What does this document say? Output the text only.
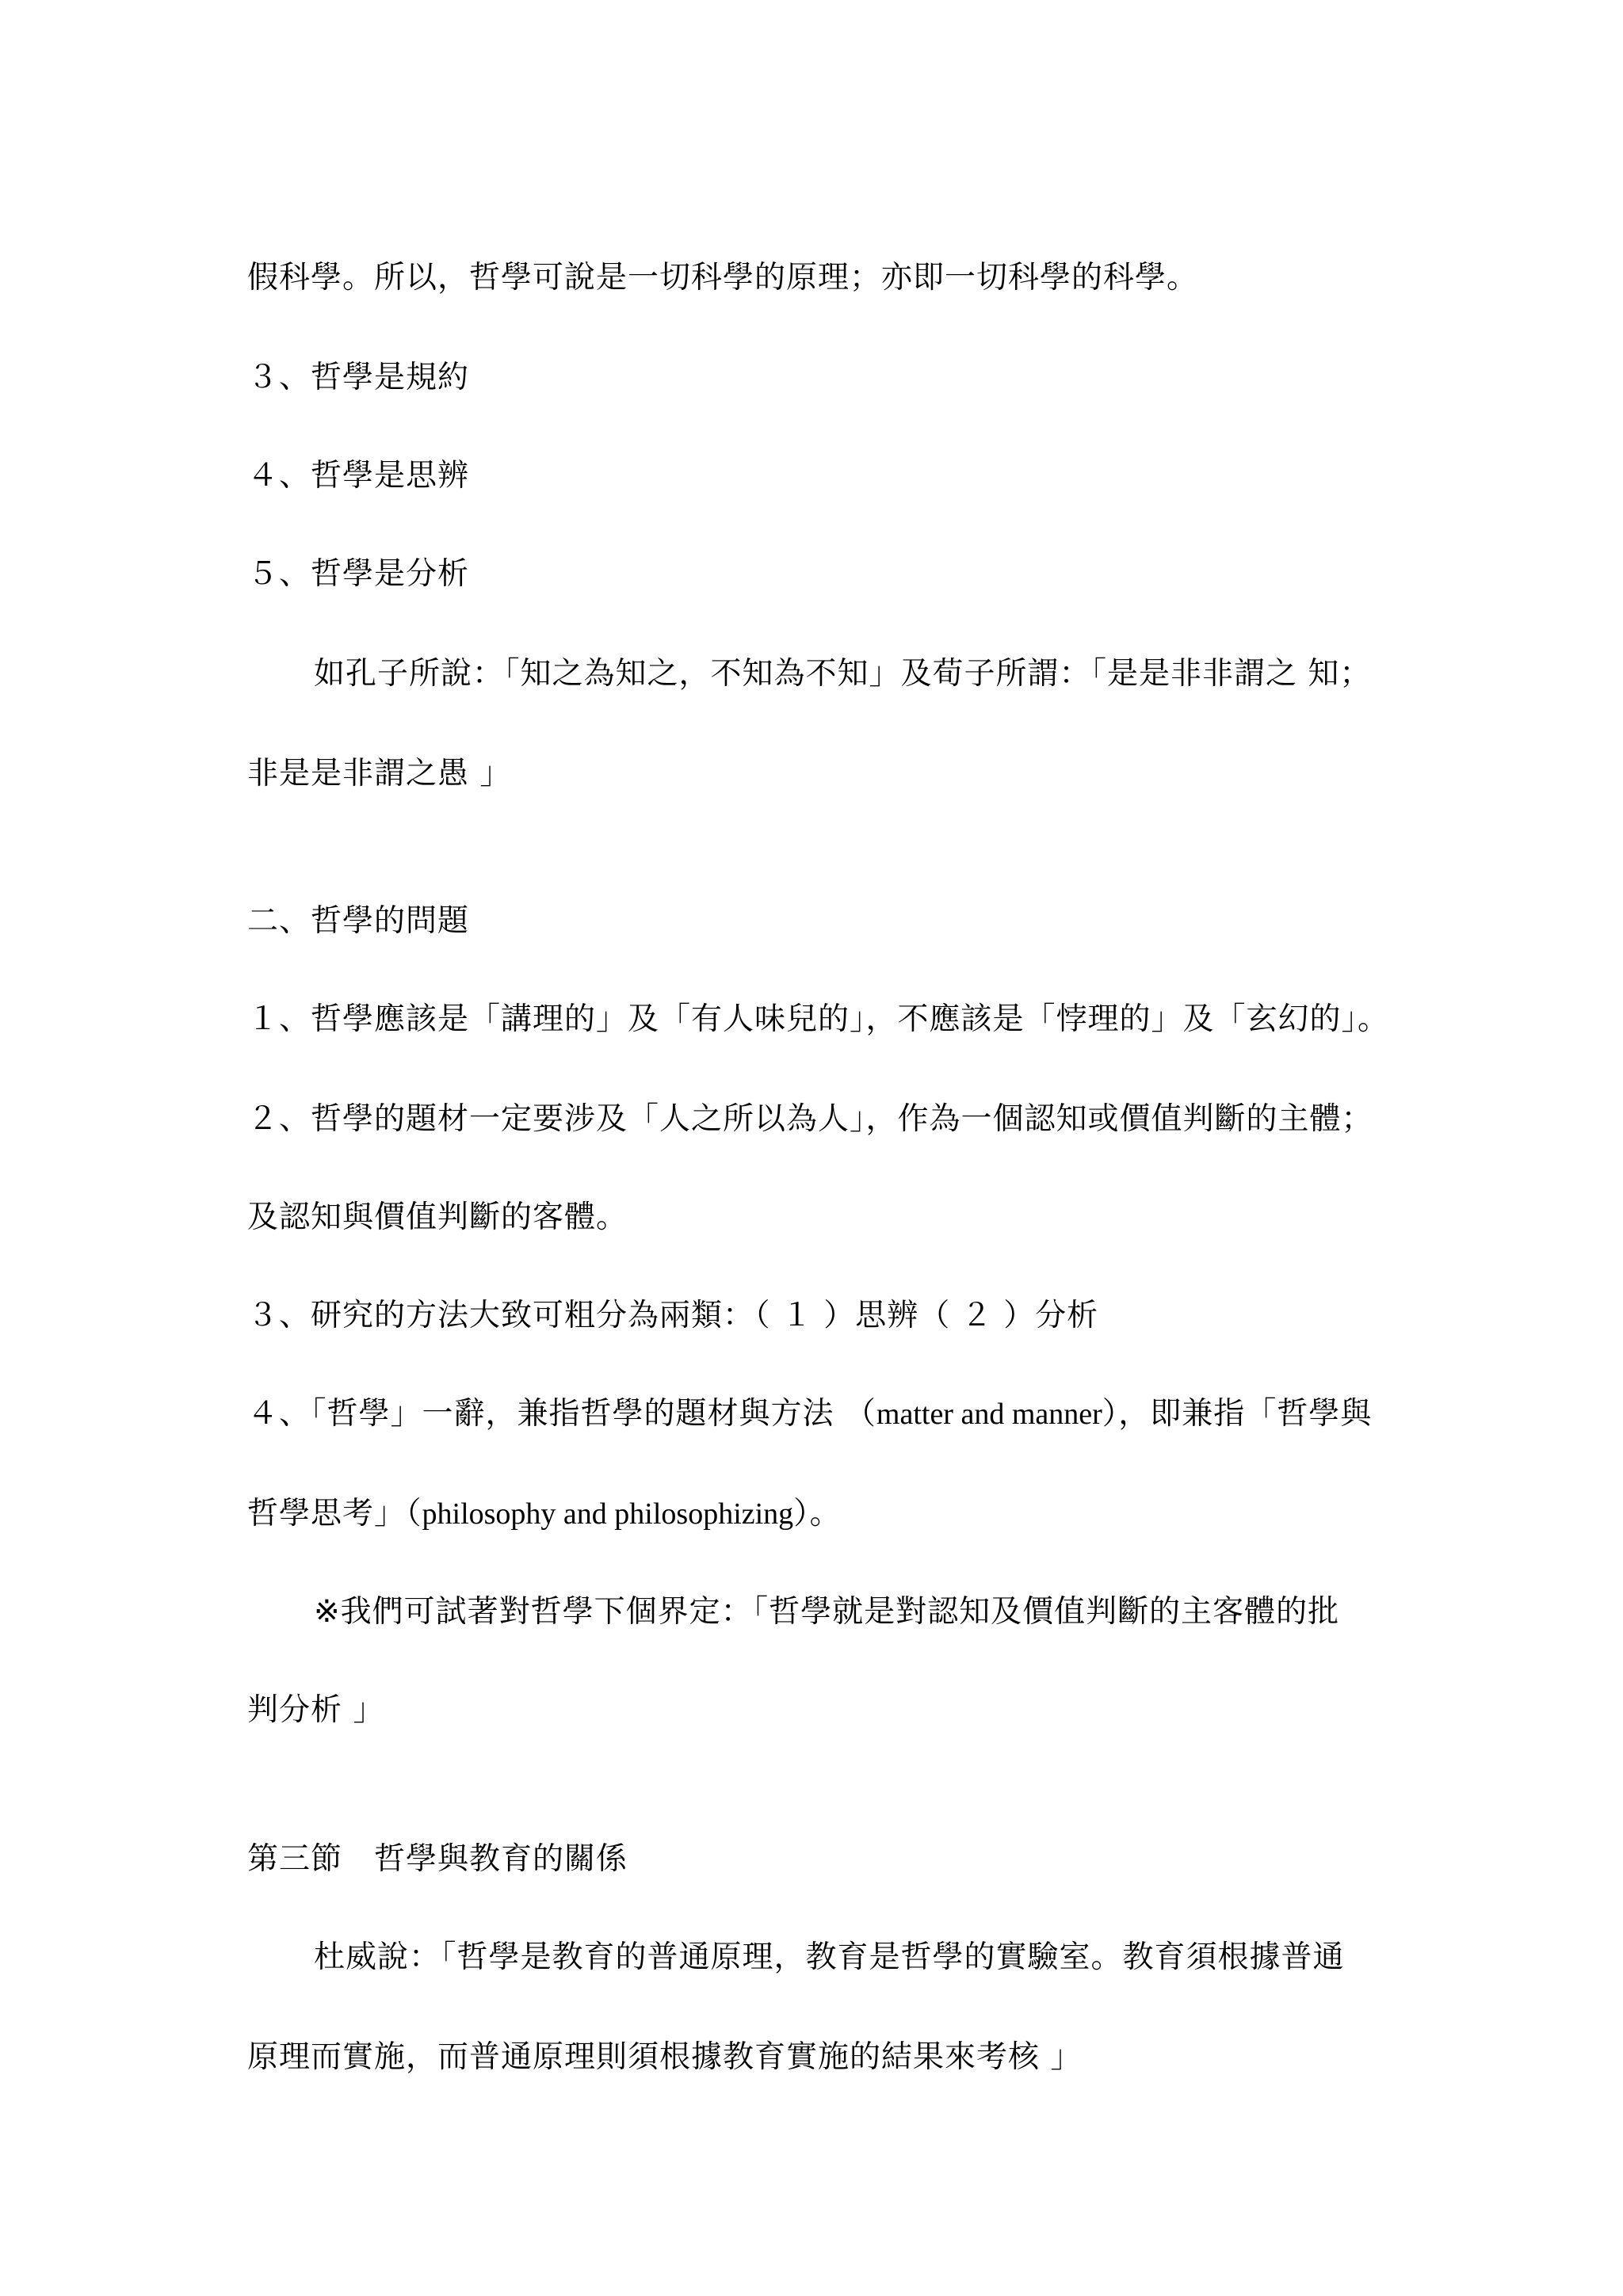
假科學。所以，哲學可說是一切科學的原理；亦即一切科學的科學。
３、哲學是規約
４、哲學是思辨
５、哲學是分析
如孔子所說：「知之為知之，不知為不知」及荀子所謂：「是是非非謂之 知；
非是是非謂之愚 」
二、哲學的問題
１、哲學應該是「講理的」及「有人味兒的」，不應該是「悖理的」及「玄幻的」。
２、哲學的題材一定要涉及「人之所以為人」，作為一個認知或價值判斷的主體；
及認知與價值判斷的客體。
３、研究的方法大致可粗分為兩類：（ １ ）思辨（ ２ ）分析
４、「哲學」一辭，兼指哲學的題材與方法 （matter and manner），即兼指「哲學與
哲學思考」（philosophy and philosophizing）。
※我們可試著對哲學下個界定：「哲學就是對認知及價值判斷的主客體的批
判分析 」
第三節　哲學與教育的關係
杜威說：「哲學是教育的普通原理，教育是哲學的實驗室。教育須根據普通
原理而實施，而普通原理則須根據教育實施的結果來考核 」
